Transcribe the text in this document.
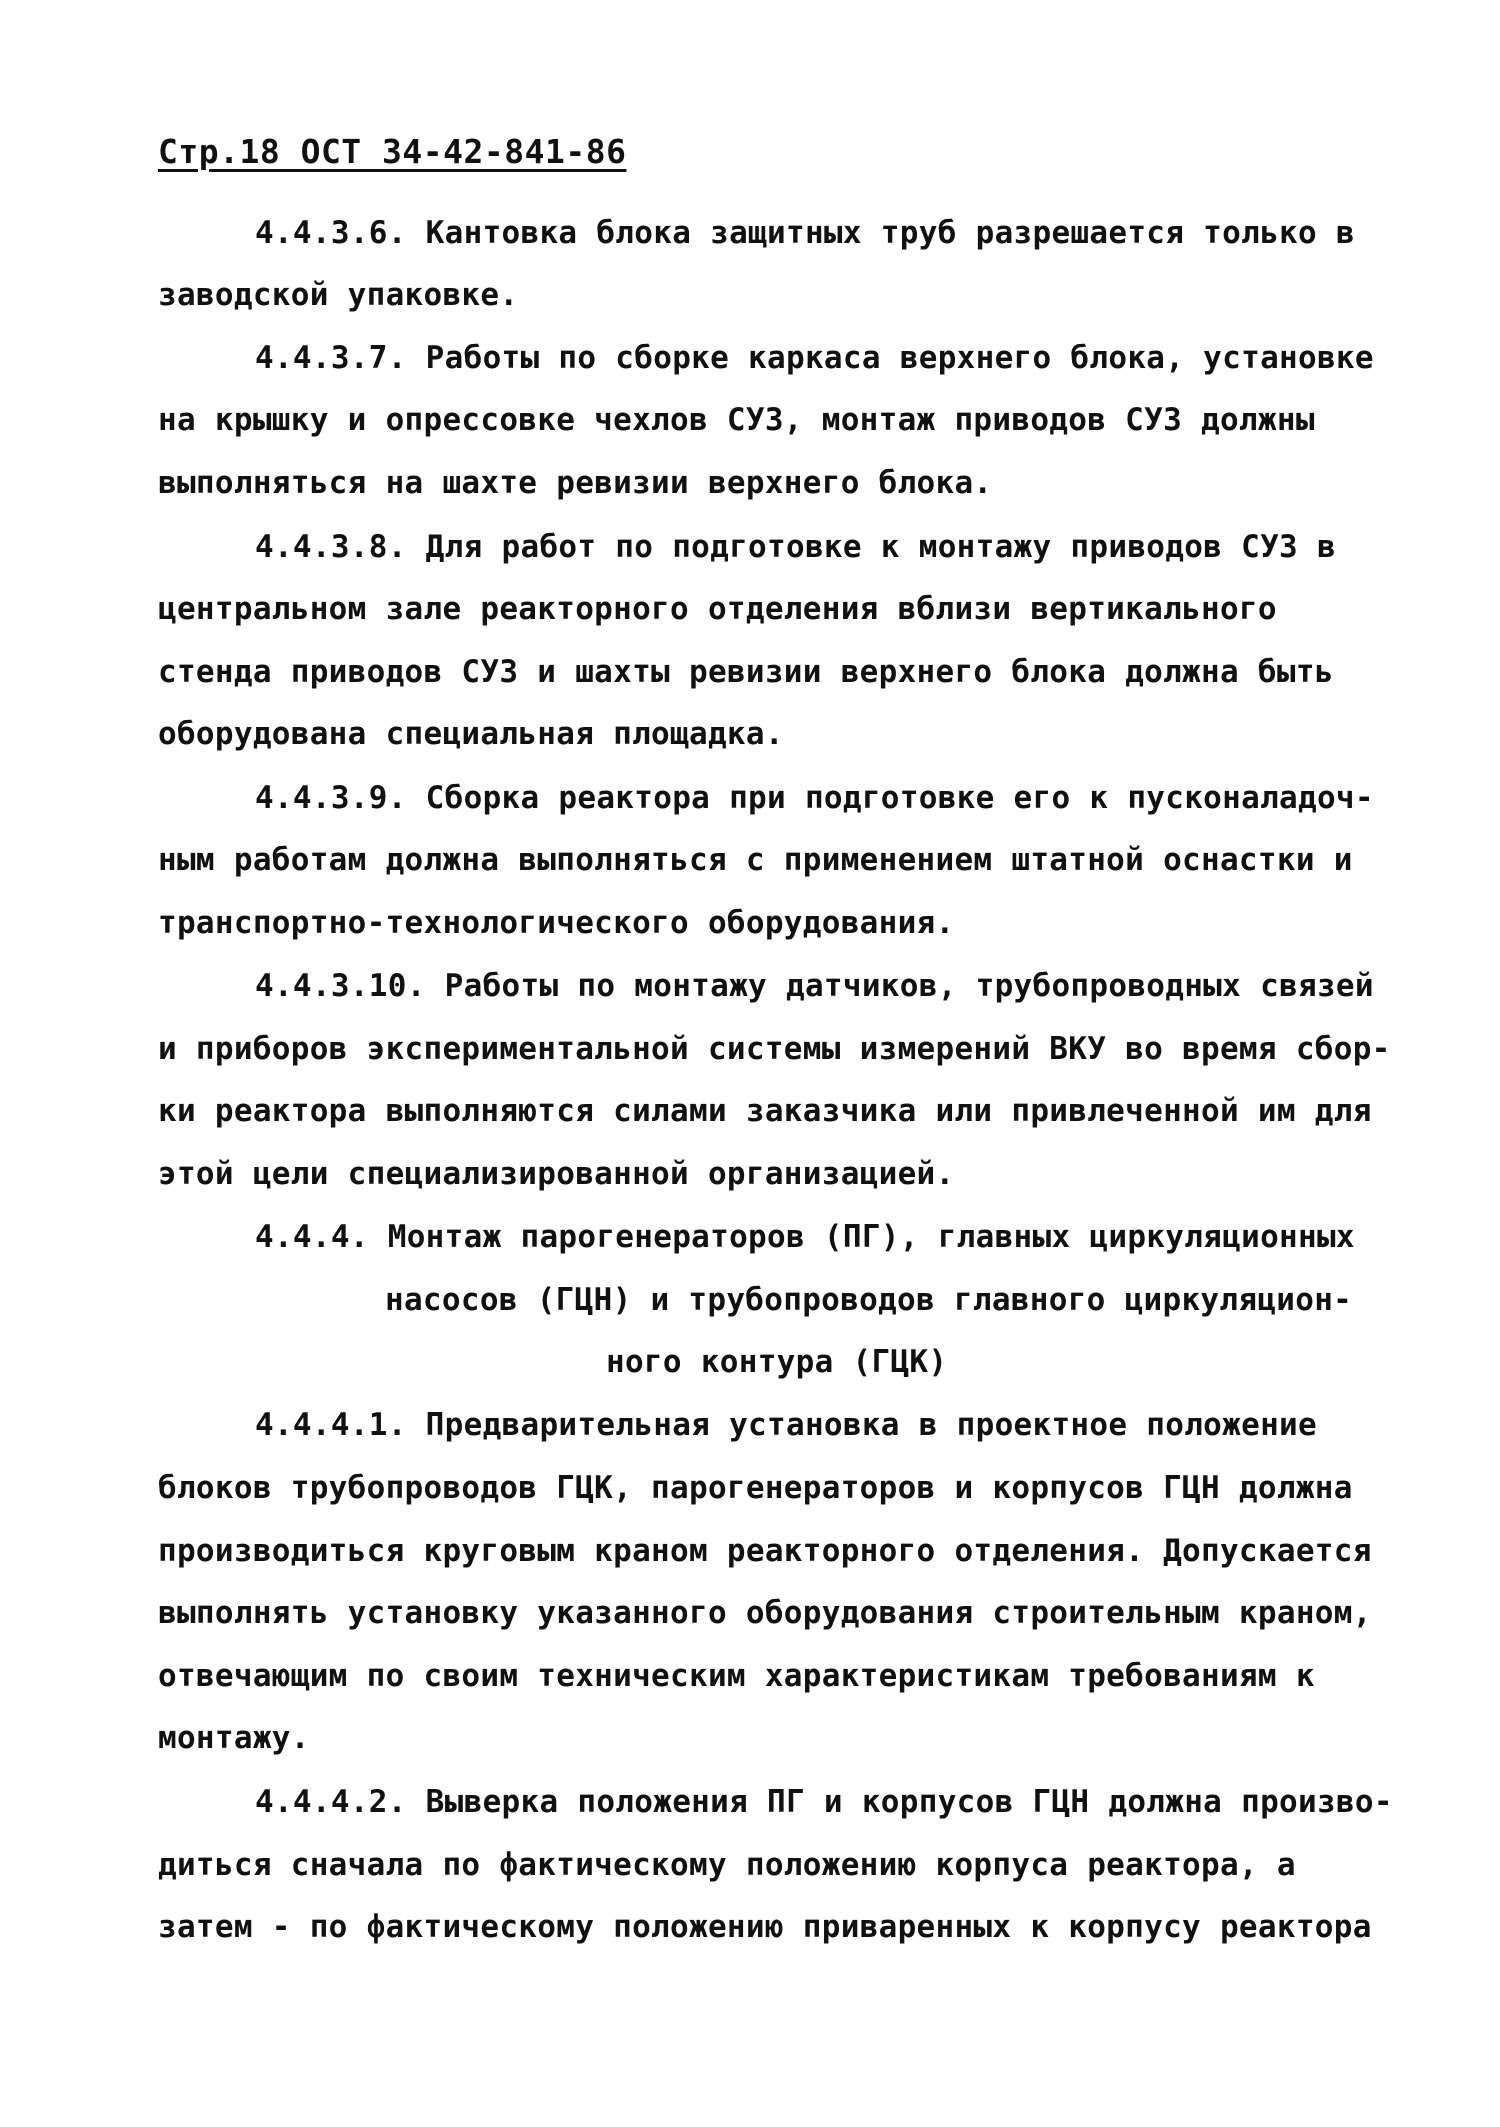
Стр.18 ОСТ 34-42-841-86
4.4.3.6. Кантовка блока защитных труб разрешается только в
заводской упаковке.
4.4.3.7. Работы по сборке каркаса верхнего блока, установке
на крышку и опрессовке чехлов СУЗ, монтаж приводов СУЗ должны
выполняться на шахте ревизии верхнего блока.
4.4.3.8. Для работ по подготовке к монтажу приводов СУЗ в
центральном зале реакторного отделения вблизи вертикального
стенда приводов СУЗ и шахты ревизии верхнего блока должна быть
оборудована специальная площадка.
4.4.3.9. Сборка реактора при подготовке его к пусконаладоч-
ным работам должна выполняться с применением штатной оснастки и
транспортно-технологического оборудования.
4.4.3.10. Работы по монтажу датчиков, трубопроводных связей
и приборов экспериментальной системы измерений ВКУ во время сбор-
ки реактора выполняются силами заказчика или привлеченной им для
этой цели специализированной организацией.
4.4.4. Монтаж парогенераторов (ПГ), главных циркуляционных
насосов (ГЦН) и трубопроводов главного циркуляцион-
ного контура (ГЦК)
4.4.4.1. Предварительная установка в проектное положение
блоков трубопроводов ГЦК, парогенераторов и корпусов ГЦН должна
производиться круговым краном реакторного отделения. Допускается
выполнять установку указанного оборудования строительным краном,
отвечающим по своим техническим характеристикам требованиям к
монтажу.
4.4.4.2. Выверка положения ПГ и корпусов ГЦН должна произво-
диться сначала по фактическому положению корпуса реактора, а
затем - по фактическому положению приваренных к корпусу реактора
